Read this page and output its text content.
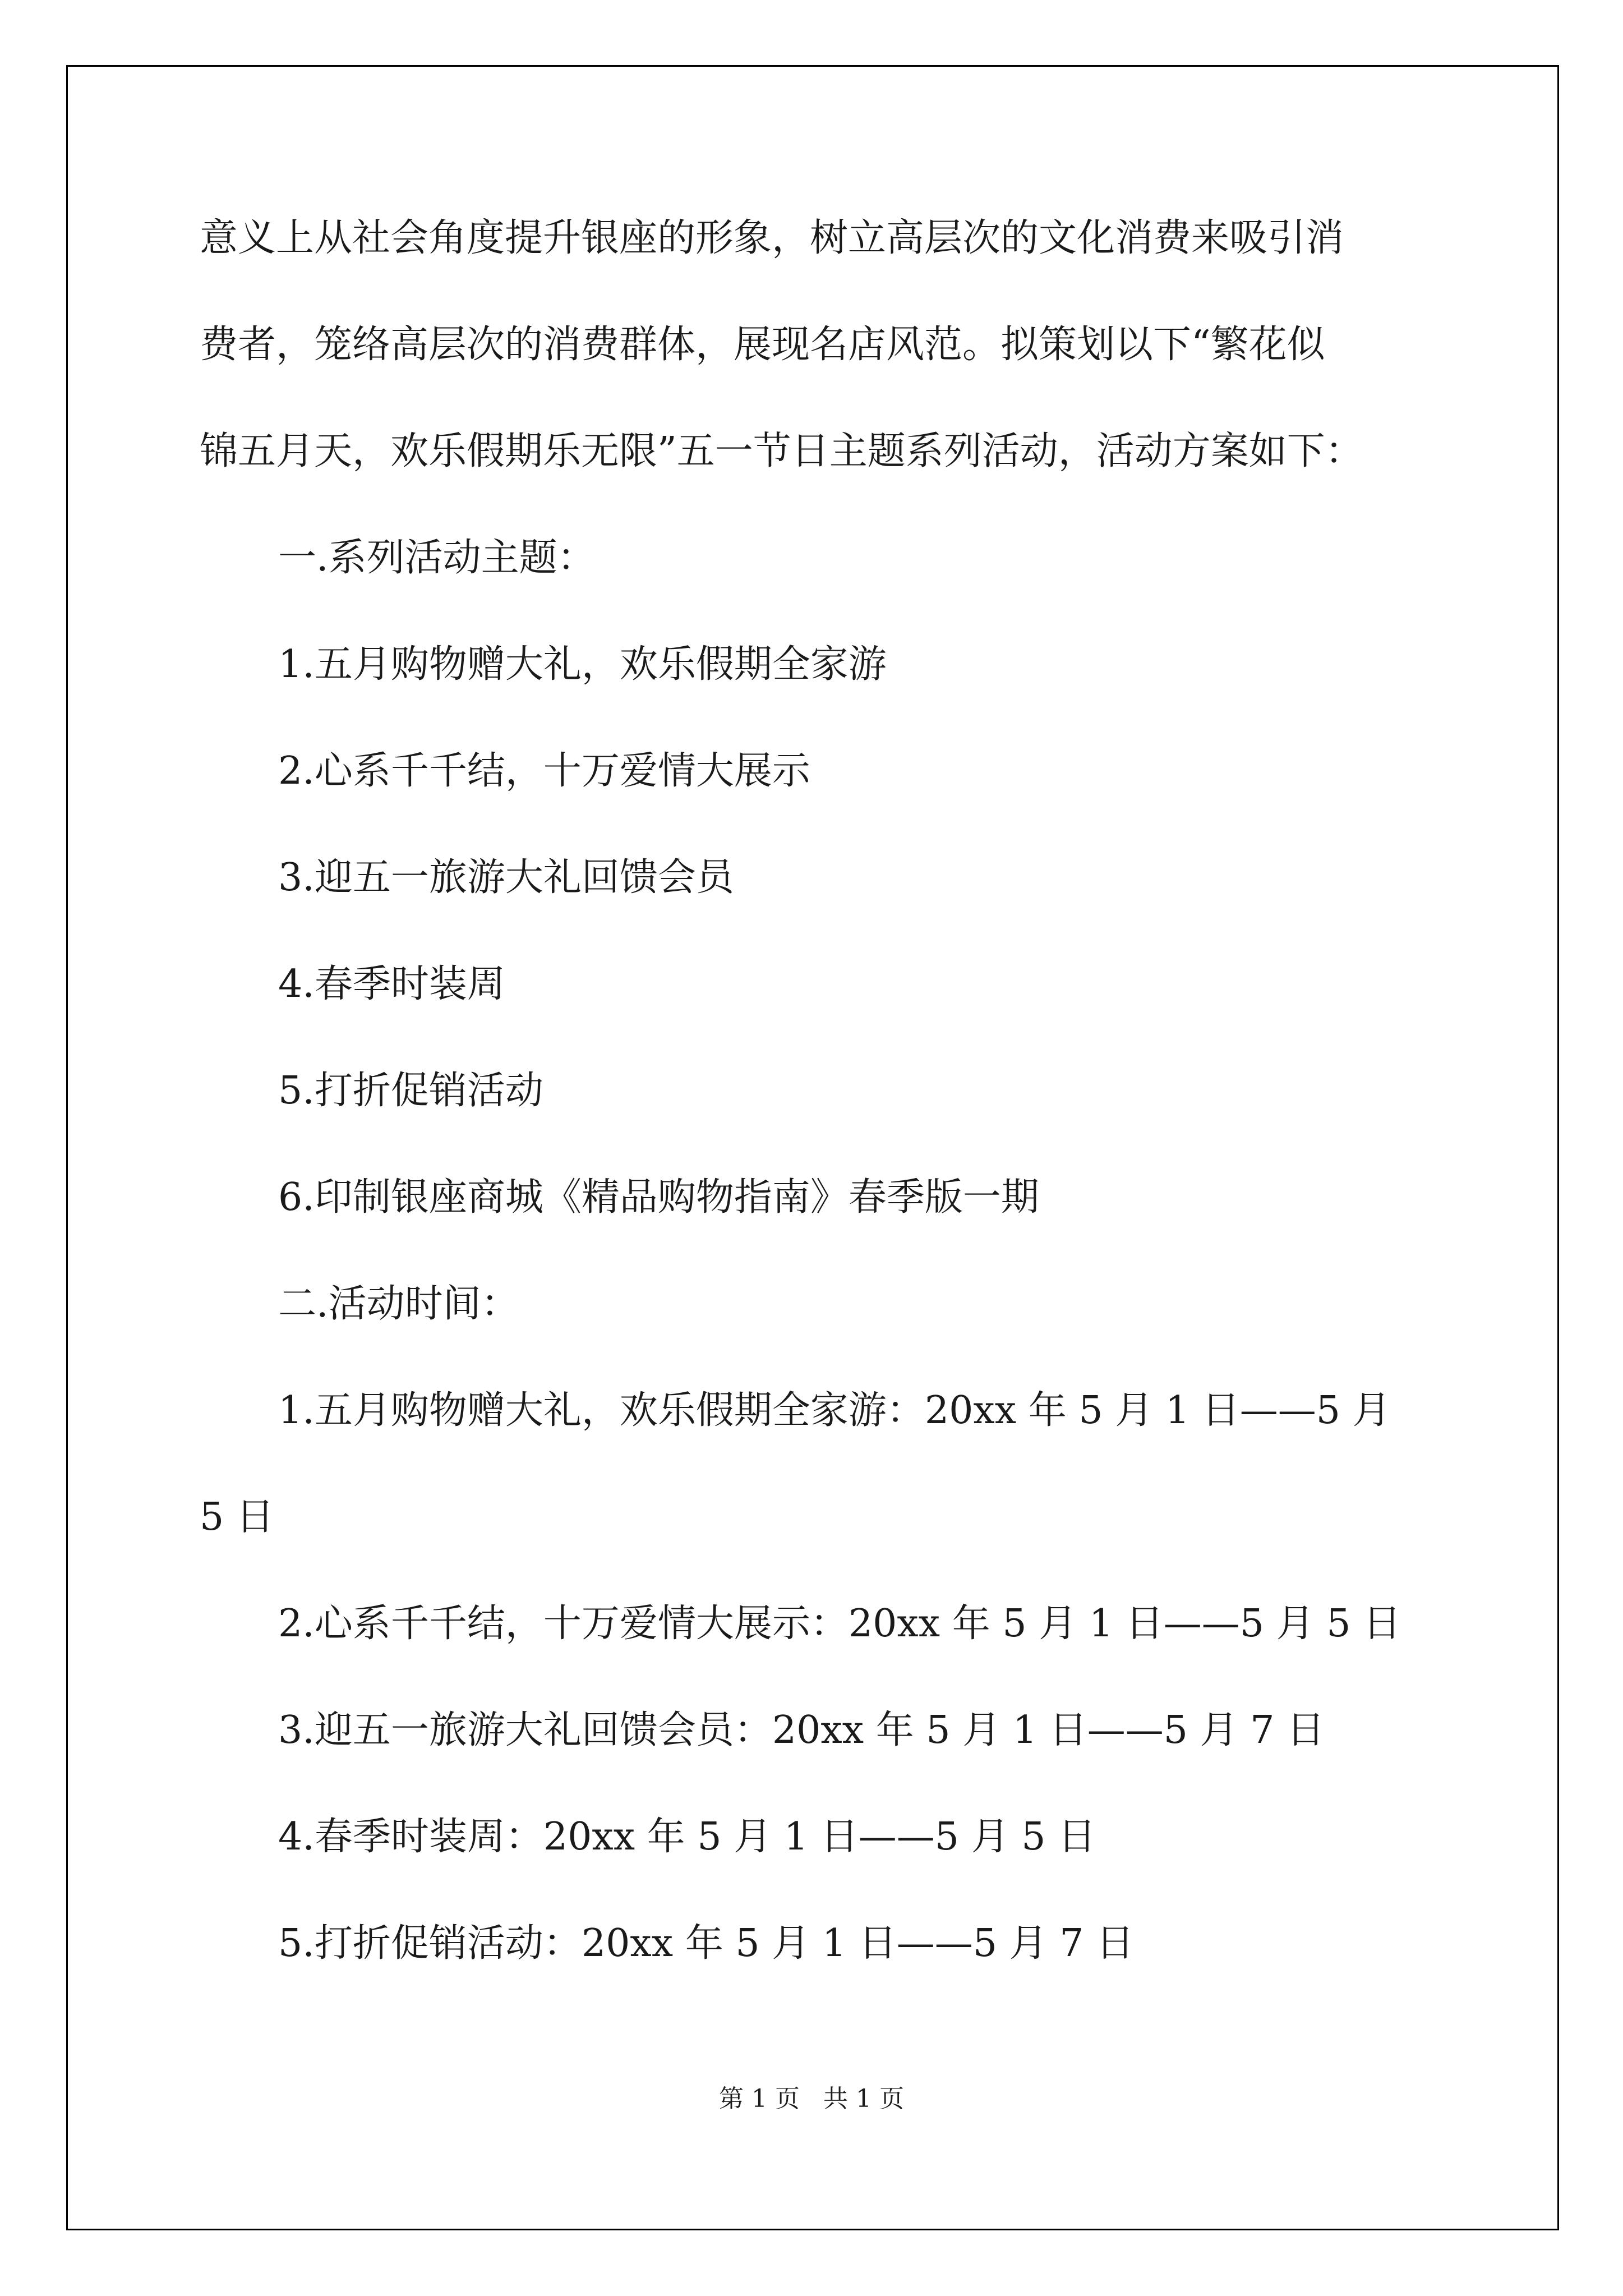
意义上从社会角度提升银座的形象，树立高层次的文化消费来吸引消
费者，笼络高层次的消费群体，展现名店风范。拟策划以下“繁花似
锦五月天，欢乐假期乐无限”五一节日主题系列活动，活动方案如下：
一.系列活动主题：
1.五月购物赠大礼，欢乐假期全家游
2.心系千千结，十万爱情大展示
3.迎五一旅游大礼回馈会员
4.春季时装周
5.打折促销活动
6.印制银座商城《精品购物指南》春季版一期
二.活动时间：
1.五月购物赠大礼，欢乐假期全家游：20xx 年 5 月 1 日——5 月
5 日
2.心系千千结，十万爱情大展示：20xx 年 5 月 1 日——5 月 5 日
3.迎五一旅游大礼回馈会员：20xx 年 5 月 1 日——5 月 7 日
4.春季时装周：20xx 年 5 月 1 日——5 月 5 日
5.打折促销活动：20xx 年 5 月 1 日——5 月 7 日
第 1 页   共 1 页
